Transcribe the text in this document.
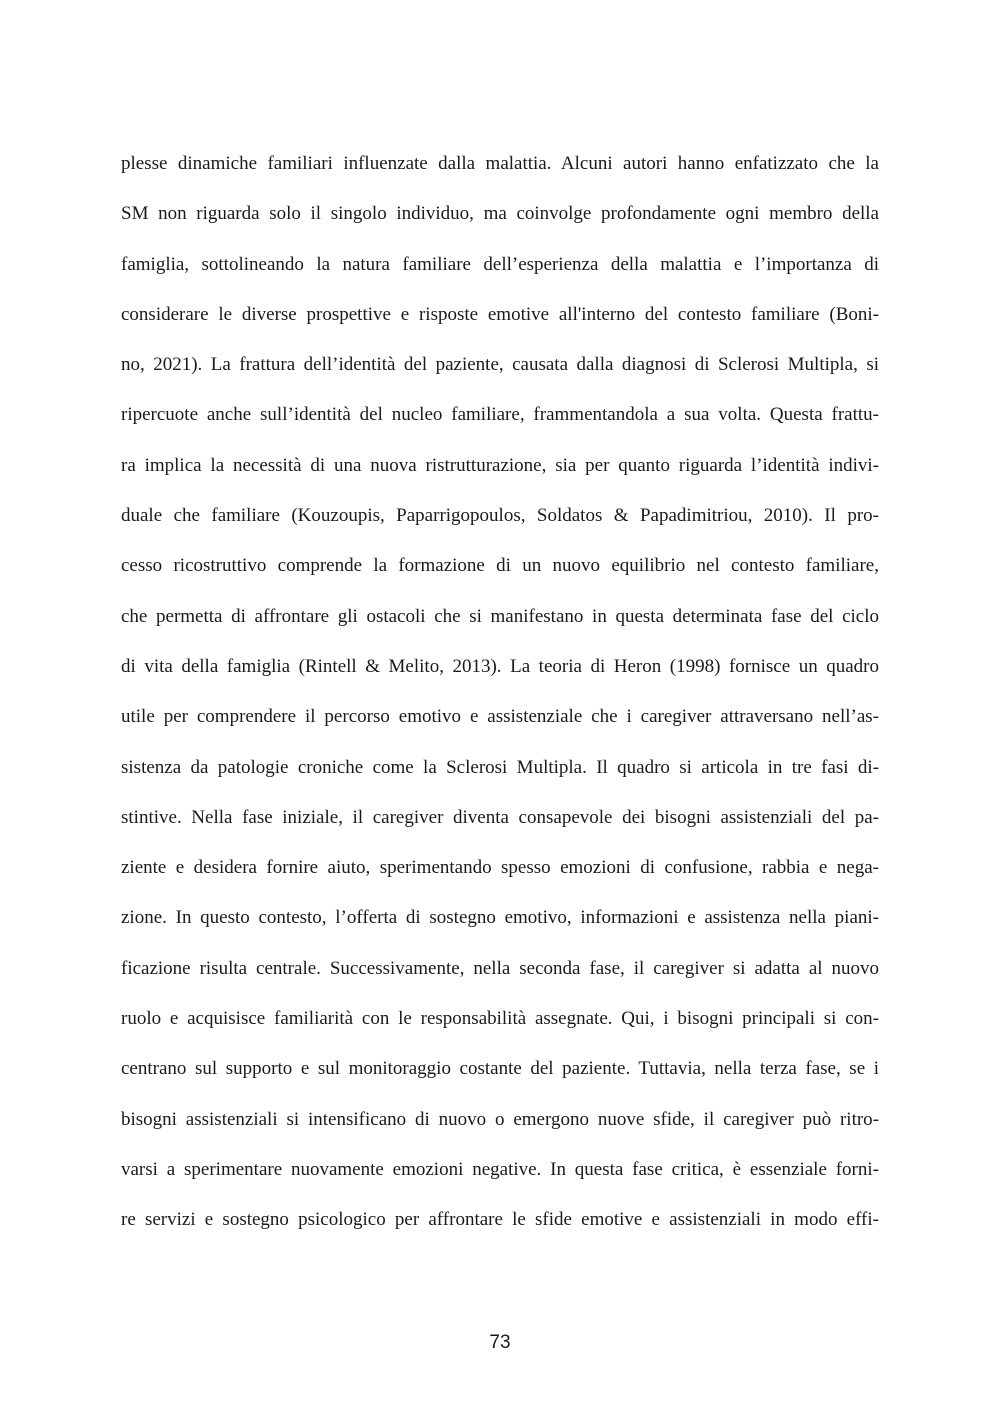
plesse dinamiche familiari influenzate dalla malattia. Alcuni autori hanno enfatizzato che la
SM non riguarda solo il singolo individuo, ma coinvolge profondamente ogni membro della
famiglia, sottolineando la natura familiare dell’esperienza della malattia e l’importanza di
considerare le diverse prospettive e risposte emotive all'interno del contesto familiare (Boni-
no, 2021). La frattura dell’identità del paziente, causata dalla diagnosi di Sclerosi Multipla, si
ripercuote anche sull’identità del nucleo familiare, frammentandola a sua volta. Questa frattu-
ra implica la necessità di una nuova ristrutturazione, sia per quanto riguarda l’identità indivi-
duale che familiare (Kouzoupis, Paparrigopoulos, Soldatos & Papadimitriou, 2010). Il pro-
cesso ricostruttivo comprende la formazione di un nuovo equilibrio nel contesto familiare,
che permetta di affrontare gli ostacoli che si manifestano in questa determinata fase del ciclo
di vita della famiglia (Rintell & Melito, 2013). La teoria di Heron (1998) fornisce un quadro
utile per comprendere il percorso emotivo e assistenziale che i caregiver attraversano nell’as-
sistenza da patologie croniche come la Sclerosi Multipla. Il quadro si articola in tre fasi di-
stintive. Nella fase iniziale, il caregiver diventa consapevole dei bisogni assistenziali del pa-
ziente e desidera fornire aiuto, sperimentando spesso emozioni di confusione, rabbia e nega-
zione. In questo contesto, l’offerta di sostegno emotivo, informazioni e assistenza nella piani-
ficazione risulta centrale. Successivamente, nella seconda fase, il caregiver si adatta al nuovo
ruolo e acquisisce familiarità con le responsabilità assegnate. Qui, i bisogni principali si con-
centrano sul supporto e sul monitoraggio costante del paziente. Tuttavia, nella terza fase, se i
bisogni assistenziali si intensificano di nuovo o emergono nuove sfide, il caregiver può ritro-
varsi a sperimentare nuovamente emozioni negative. In questa fase critica, è essenziale forni-
re servizi e sostegno psicologico per affrontare le sfide emotive e assistenziali in modo effi-
73
